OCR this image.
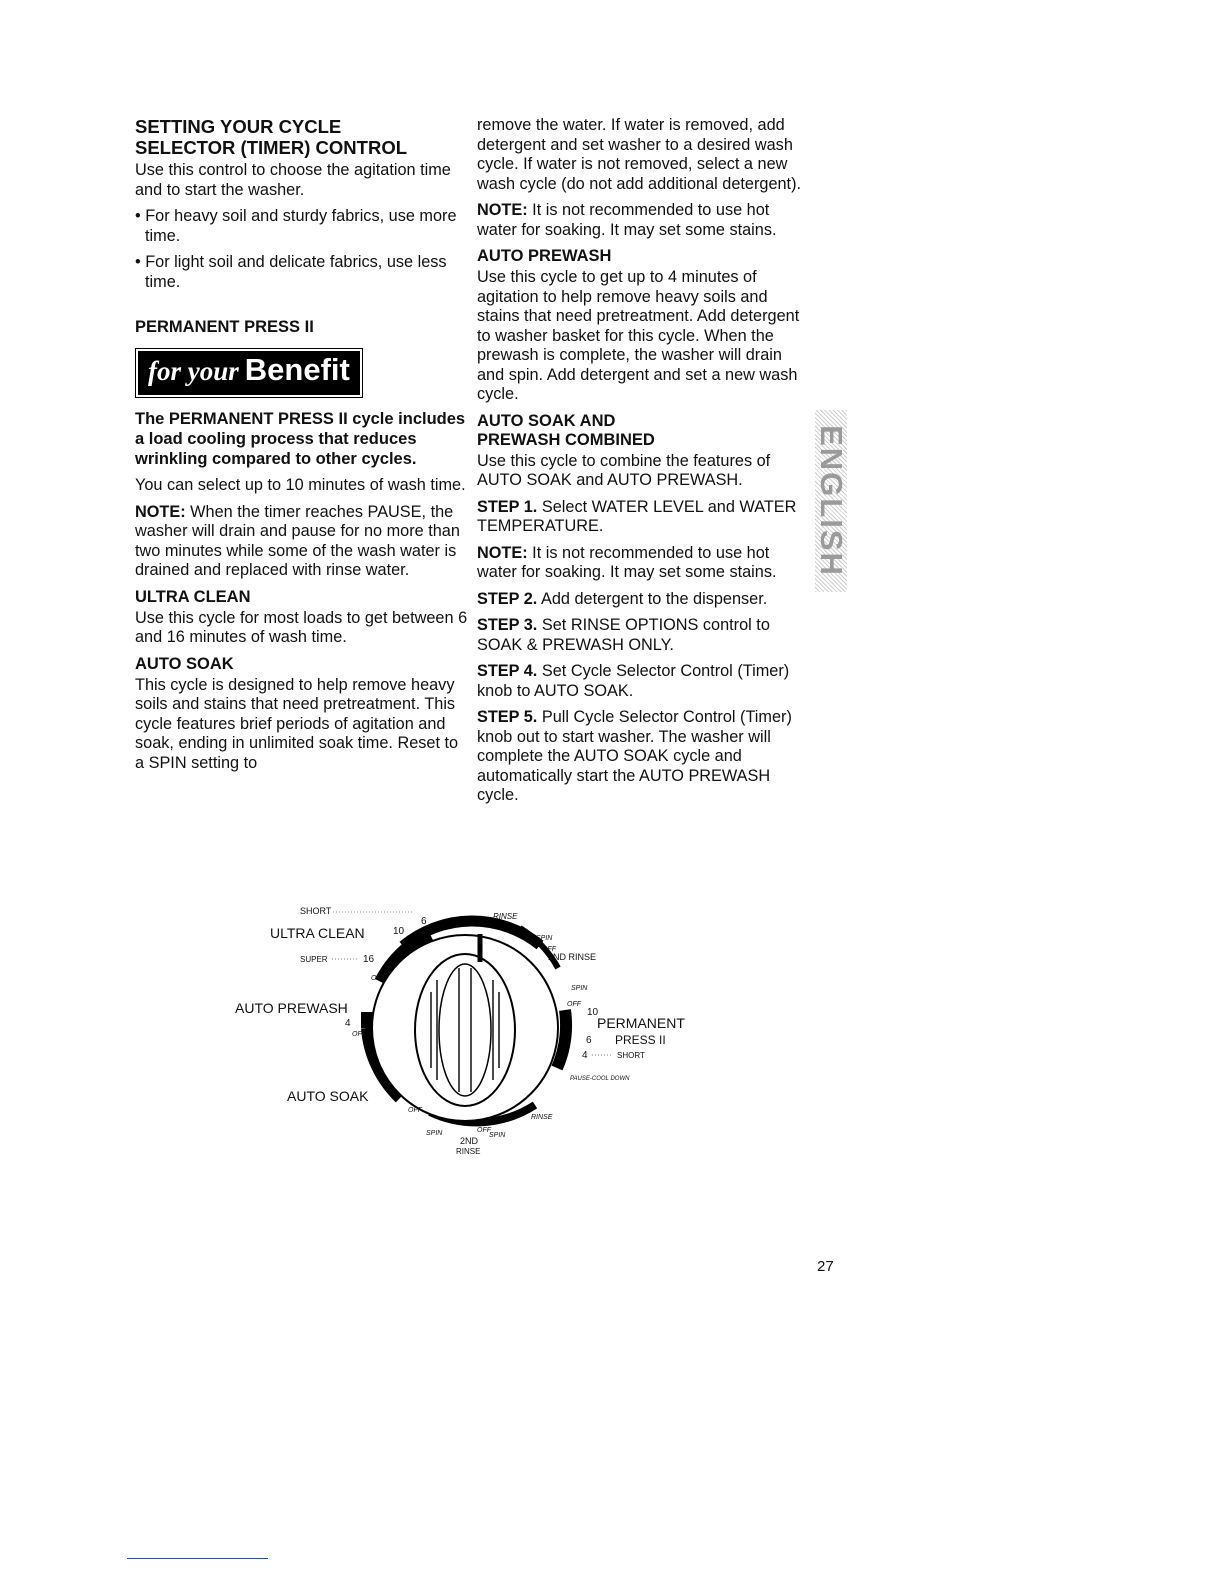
SETTING YOUR CYCLE
SELECTOR (TIMER) CONTROL

Use this control to choose the agitation time and to start the washer.

• For heavy soil and sturdy fabrics, use more time.

• For light soil and delicate fabrics, use less time.

PERMANENT PRESS II
for your Benefit

The PERMANENT PRESS II cycle includes a load cooling process that reduces wrinkling compared to other cycles.

You can select up to 10 minutes of wash time.

NOTE: When the timer reaches PAUSE, the washer will drain and pause for no more than two minutes while some of the wash water is drained and replaced with rinse water.

ULTRA CLEAN

Use this cycle for most loads to get between 6 and 16 minutes of wash time.

AUTO SOAK

This cycle is designed to help remove heavy soils and stains that need pretreatment. This cycle features brief periods of agitation and soak, ending in unlimited soak time. Reset to a SPIN setting to

remove the water. If water is removed, add detergent and set washer to a desired wash cycle. If water is not removed, select a new wash cycle (do not add additional detergent).

NOTE: It is not recommended to use hot water for soaking. It may set some stains.

AUTO PREWASH

Use this cycle to get up to 4 minutes of agitation to help remove heavy soils and stains that need pretreatment. Add detergent to washer basket for this cycle. When the prewash is complete, the washer will drain and spin. Add detergent and set a new wash cycle.

AUTO SOAK AND
PREWASH COMBINED

Use this cycle to combine the features of AUTO SOAK and AUTO PREWASH.

STEP 1. Select WATER LEVEL and WATER TEMPERATURE.

NOTE: It is not recommended to use hot water for soaking. It may set some stains.

STEP 2. Add detergent to the dispenser.

STEP 3. Set RINSE OPTIONS control to SOAK & PREWASH ONLY.

STEP 4. Set Cycle Selector Control (Timer) knob to AUTO SOAK.

STEP 5. Pull Cycle Selector Control (Timer) knob out to start washer. The washer will complete the AUTO SOAK cycle and automatically start the AUTO PREWASH cycle.

ENGLISH
SHORT
6
ULTRA CLEAN	10
SUPER	16
OFF
AUTO PREWASH
4
OFF
AUTO SOAK
OFF
SPIN
2ND
RINSE
OFF
SPIN
RINSE
PAUSE-COOL DOWN
4	SHORT
6 PRESS II
PERMANENT
10
OFF
SPIN
2ND RINSE
OFF
SPIN
RINSE
27
